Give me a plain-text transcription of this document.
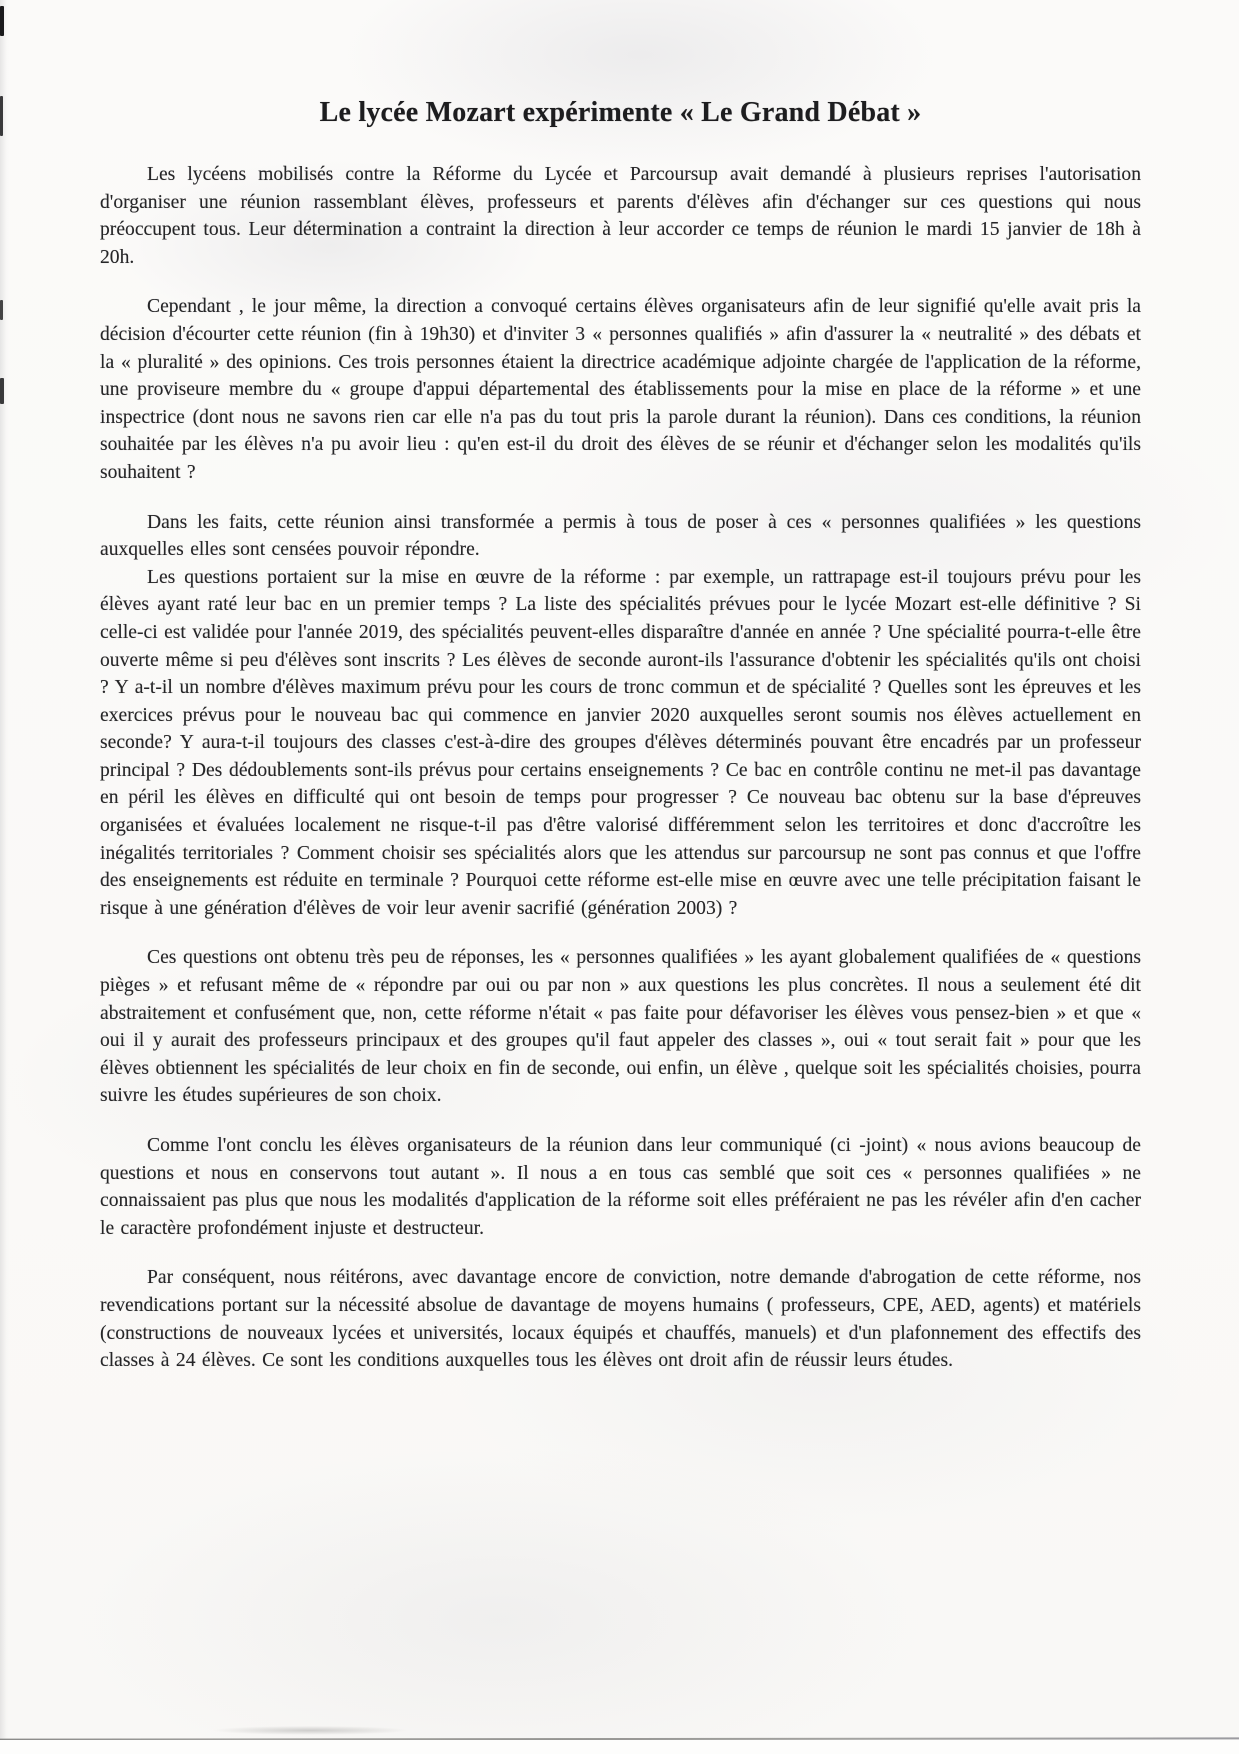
Le lycée Mozart expérimente « Le Grand Débat »

Les lycéens mobilisés contre la Réforme du Lycée et Parcoursup avait demandé à plusieurs reprises l'autorisation d'organiser une réunion rassemblant élèves, professeurs et parents d'élèves afin d'échanger sur ces questions qui nous préoccupent tous. Leur détermination a contraint la direction à leur accorder ce temps de réunion le mardi 15 janvier de 18h à 20h.

Cependant , le jour même, la direction a convoqué certains élèves organisateurs afin de leur signifié qu'elle avait pris la décision d'écourter cette réunion (fin à 19h30) et d'inviter 3 « personnes qualifiés » afin d'assurer la « neutralité » des débats et la « pluralité » des opinions. Ces trois personnes étaient la directrice académique adjointe chargée de l'application de la réforme, une proviseure membre du « groupe d'appui départemental des établissements pour la mise en place de la réforme » et une inspectrice (dont nous ne savons rien car elle n'a pas du tout pris la parole durant la réunion). Dans ces conditions, la réunion souhaitée par les élèves n'a pu avoir lieu : qu'en est-il du droit des élèves de se réunir et d'échanger selon les modalités qu'ils souhaitent ?

Dans les faits, cette réunion ainsi transformée a permis à tous de poser à ces « personnes qualifiées » les questions auxquelles elles sont censées pouvoir répondre.

Les questions portaient sur la mise en œuvre de la réforme : par exemple, un rattrapage est-il toujours prévu pour les élèves ayant raté leur bac en un premier temps ? La liste des spécialités prévues pour le lycée Mozart est-elle définitive ? Si celle-ci est validée pour l'année 2019, des spécialités peuvent-elles disparaître d'année en année ? Une spécialité pourra-t-elle être ouverte même si peu d'élèves sont inscrits ? Les élèves de seconde auront-ils l'assurance d'obtenir les spécialités qu'ils ont choisi ? Y a-t-il un nombre d'élèves maximum prévu pour les cours de tronc commun et de spécialité ? Quelles sont les épreuves et les exercices prévus pour le nouveau bac qui commence en janvier 2020 auxquelles seront soumis nos élèves actuellement en seconde? Y aura-t-il toujours des classes c'est-à-dire des groupes d'élèves déterminés pouvant être encadrés par un professeur principal ? Des dédoublements sont-ils prévus pour certains enseignements ? Ce bac en contrôle continu ne met-il pas davantage en péril les élèves en difficulté qui ont besoin de temps pour progresser ? Ce nouveau bac obtenu sur la base d'épreuves organisées et évaluées localement ne risque-t-il pas d'être valorisé différemment selon les territoires et donc d'accroître les inégalités territoriales ? Comment choisir ses spécialités alors que les attendus sur parcoursup ne sont pas connus et que l'offre des enseignements est réduite en terminale ? Pourquoi cette réforme est-elle mise en œuvre avec une telle précipitation faisant le risque à une génération d'élèves de voir leur avenir sacrifié (génération 2003) ?

Ces questions ont obtenu très peu de réponses, les « personnes qualifiées » les ayant globalement qualifiées de « questions pièges » et refusant même de « répondre par oui ou par non » aux questions les plus concrètes. Il nous a seulement été dit abstraitement et confusément que, non, cette réforme n'était « pas faite pour défavoriser les élèves vous pensez-bien » et que « oui il y aurait des professeurs principaux et des groupes qu'il faut appeler des classes », oui « tout serait fait » pour que les élèves obtiennent les spécialités de leur choix en fin de seconde, oui enfin, un élève , quelque soit les spécialités choisies, pourra suivre les études supérieures de son choix.

Comme l'ont conclu les élèves organisateurs de la réunion dans leur communiqué (ci -joint) « nous avions beaucoup de questions et nous en conservons tout autant ». Il nous a en tous cas semblé que soit ces « personnes qualifiées » ne connaissaient pas plus que nous les modalités d'application de la réforme soit elles préféraient ne pas les révéler afin d'en cacher le caractère profondément injuste et destructeur.

Par conséquent, nous réitérons, avec davantage encore de conviction, notre demande d'abrogation de cette réforme, nos revendications portant sur la nécessité absolue de davantage de moyens humains ( professeurs, CPE, AED, agents) et matériels (constructions de nouveaux lycées et universités, locaux équipés et chauffés, manuels) et d'un plafonnement des effectifs des classes à 24 élèves. Ce sont les conditions auxquelles tous les élèves ont droit afin de réussir leurs études.
